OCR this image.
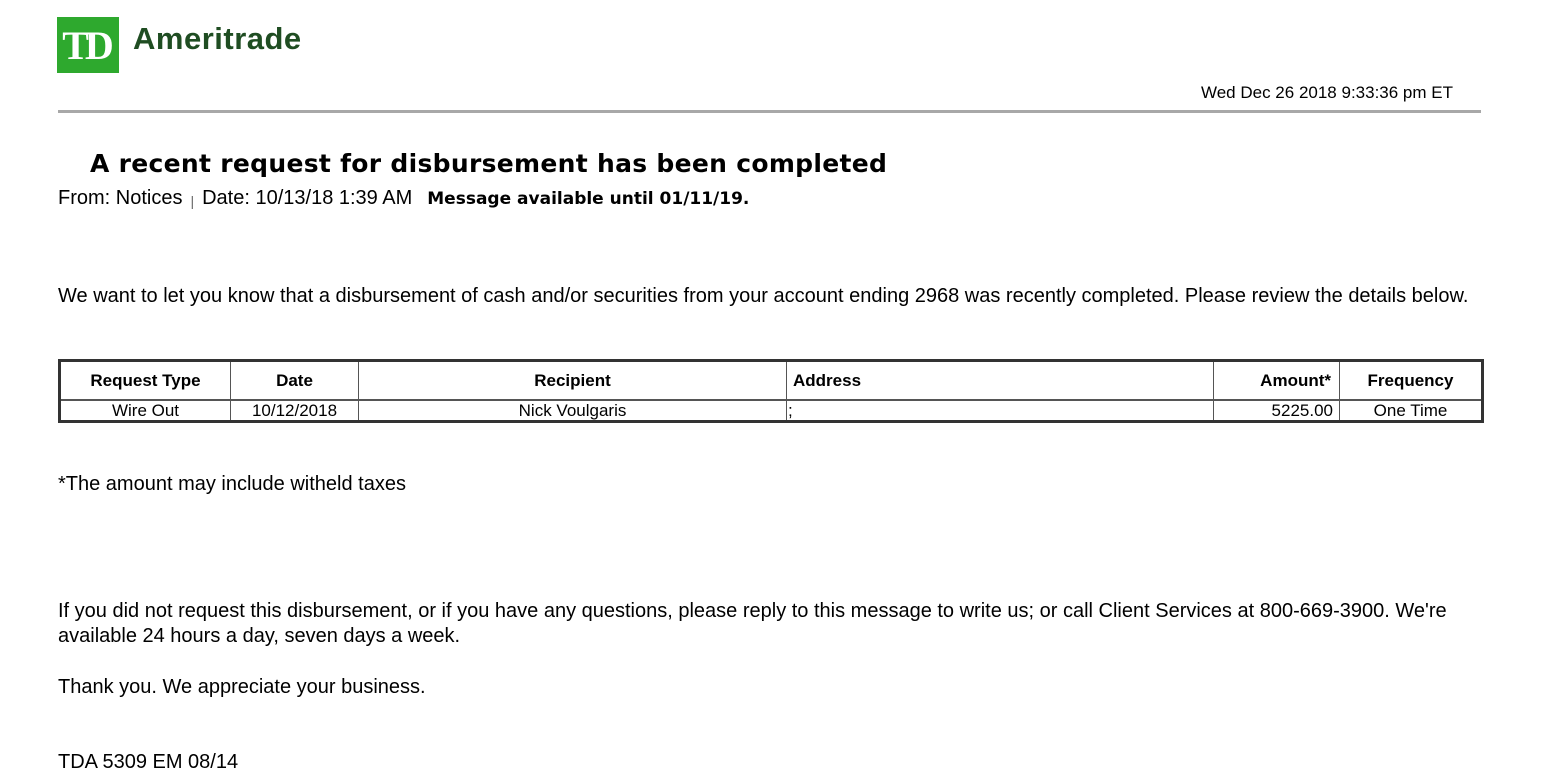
TD Ameritrade
Wed Dec 26 2018 9:33:36 pm ET
A recent request for disbursement has been completed
From: Notices | Date: 10/13/18 1:39 AM Message available until 01/11/19.

We want to let you know that a disbursement of cash and/or securities from your account ending 2968 was recently completed. Please review the details below.

Request Type	Date	Recipient	Address	Amount*	Frequency
Wire Out	10/12/2018	Nick Voulgaris	;	5225.00	One Time

*The amount may include witheld taxes

If you did not request this disbursement, or if you have any questions, please reply to this message to write us; or call Client Services at 800-669-3900. We're available 24 hours a day, seven days a week.

Thank you. We appreciate your business.

TDA 5309 EM 08/14
